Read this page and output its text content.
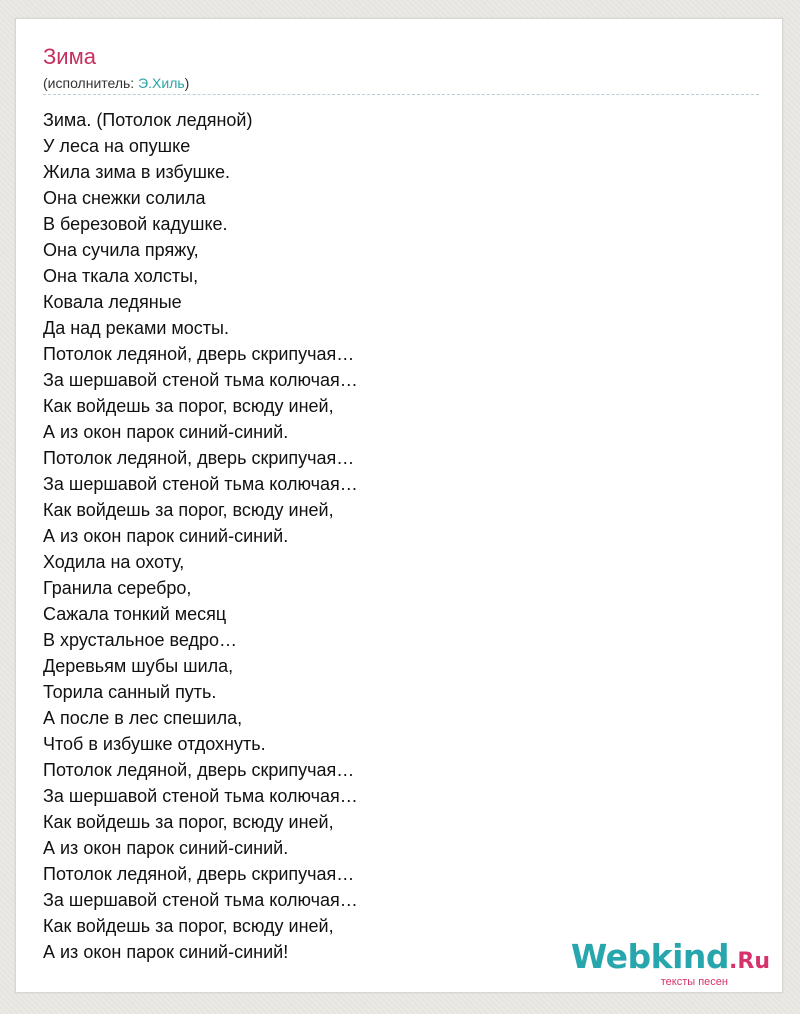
Зима
(исполнитель: Э.Хиль)
Зима. (Потолок ледяной)
У леса на опушке
Жила зима в избушке.
Она снежки солила
В березовой кадушке.
Она сучила пряжу,
Она ткала холсты,
Ковала ледяные
Да над реками мосты.
Потолок ледяной, дверь скрипучая…
За шершавой стеной тьма колючая…
Как войдешь за порог, всюду иней,
А из окон парок синий-синий.
Потолок ледяной, дверь скрипучая…
За шершавой стеной тьма колючая…
Как войдешь за порог, всюду иней,
А из окон парок синий-синий.
Ходила на охоту,
Гранила серебро,
Сажала тонкий месяц
В хрустальное ведро…
Деревьям шубы шила,
Торила санный путь.
А после в лес спешила,
Чтоб в избушке отдохнуть.
Потолок ледяной, дверь скрипучая…
За шершавой стеной тьма колючая…
Как войдешь за порог, всюду иней,
А из окон парок синий-синий.
Потолок ледяной, дверь скрипучая…
За шершавой стеной тьма колючая…
Как войдешь за порог, всюду иней,
А из окон парок синий-синий!	Webkind.Ru
тексты песен
